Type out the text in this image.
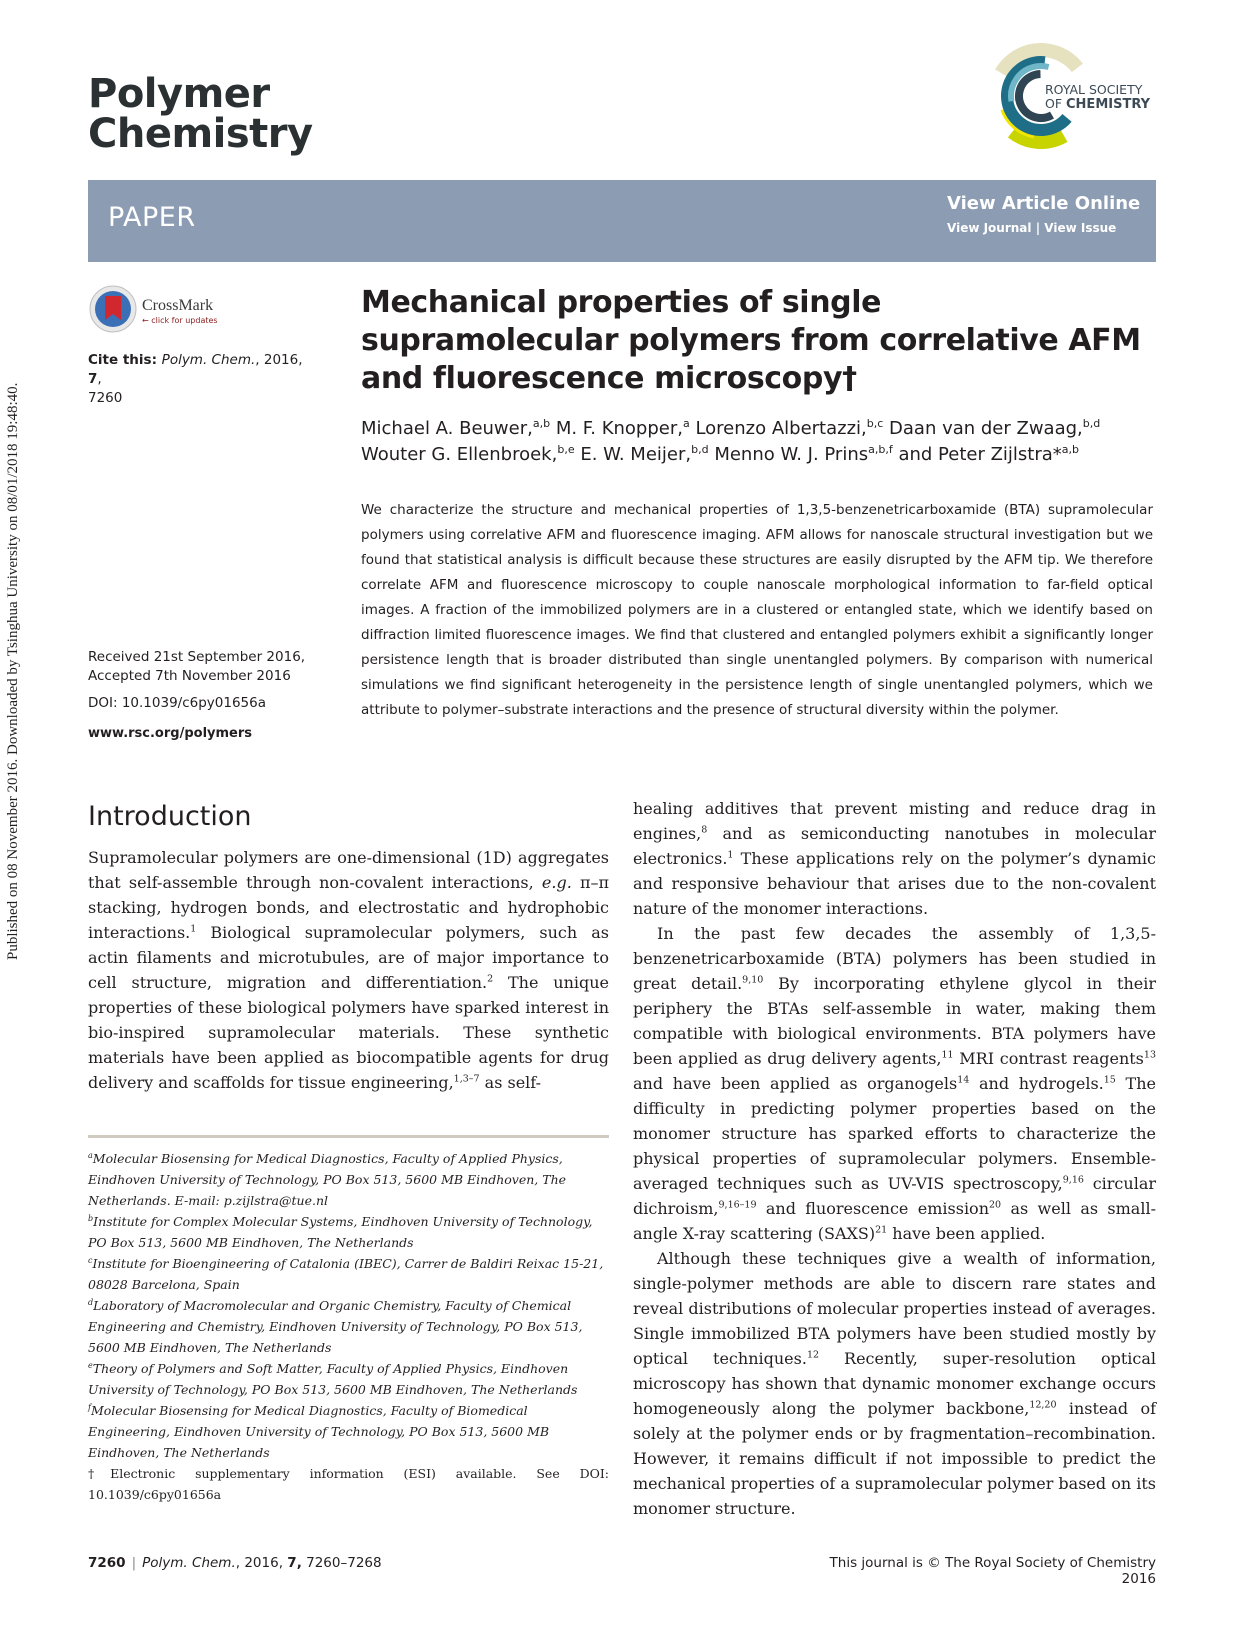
Published on 08 November 2016. Downloaded by Tsinghua University on 08/01/2018 19:48:40.
Polymer
Chemistry
ROYAL SOCIETY
OF CHEMISTRY
PAPER	View Article Online
View Journal | View Issue
CrossMark
← click for updates
Cite this: Polym. Chem., 2016, 7,
7260
Received 21st September 2016,
Accepted 7th November 2016
DOI: 10.1039/c6py01656a
www.rsc.org/polymers
Mechanical properties of single supramolecular polymers from correlative AFM and fluorescence microscopy†
Michael A. Beuwer,$^{a,b}$ M. F. Knopper,$^a$ Lorenzo Albertazzi,$^{b,c}$ Daan van der Zwaag,$^{b,d}$
Wouter G. Ellenbroek,$^{b,e}$ E. W. Meijer,$^{b,d}$ Menno W. J. Prins$^{a,b,f}$ and Peter Zijlstra*$^{a,b}$
We characterize the structure and mechanical properties of 1,3,5-benzenetricarboxamide (BTA) supramolecular polymers using correlative AFM and fluorescence imaging. AFM allows for nanoscale structural investigation but we found that statistical analysis is difficult because these structures are easily disrupted by the AFM tip. We therefore correlate AFM and fluorescence microscopy to couple nanoscale morphological information to far-field optical images. A fraction of the immobilized polymers are in a clustered or entangled state, which we identify based on diffraction limited fluorescence images. We find that clustered and entangled polymers exhibit a significantly longer persistence length that is broader distributed than single unentangled polymers. By comparison with numerical simulations we find significant heterogeneity in the persistence length of single unentangled polymers, which we attribute to polymer–substrate interactions and the presence of structural diversity within the polymer.
Introduction

Supramolecular polymers are one-dimensional (1D) aggregates that self-assemble through non-covalent interactions, e.g. π–π stacking, hydrogen bonds, and electrostatic and hydrophobic interactions.$^1$ Biological supramolecular polymers, such as actin filaments and microtubules, are of major importance to cell structure, migration and differentiation.$^2$ The unique properties of these biological polymers have sparked interest in bio-inspired supramolecular materials. These synthetic materials have been applied as biocompatible agents for drug delivery and scaffolds for tissue engineering,$^{1,3-7}$ as self-

$^a$Molecular Biosensing for Medical Diagnostics, Faculty of Applied Physics, Eindhoven University of Technology, PO Box 513, 5600 MB Eindhoven, The Netherlands. E-mail: p.zijlstra@tue.nl

$^b$Institute for Complex Molecular Systems, Eindhoven University of Technology, PO Box 513, 5600 MB Eindhoven, The Netherlands

$^c$Institute for Bioengineering of Catalonia (IBEC), Carrer de Baldiri Reixac 15-21, 08028 Barcelona, Spain

$^d$Laboratory of Macromolecular and Organic Chemistry, Faculty of Chemical Engineering and Chemistry, Eindhoven University of Technology, PO Box 513, 5600 MB Eindhoven, The Netherlands

$^e$Theory of Polymers and Soft Matter, Faculty of Applied Physics, Eindhoven University of Technology, PO Box 513, 5600 MB Eindhoven, The Netherlands

$^f$Molecular Biosensing for Medical Diagnostics, Faculty of Biomedical Engineering, Eindhoven University of Technology, PO Box 513, 5600 MB Eindhoven, The Netherlands

†Electronic supplementary information (ESI) available. See DOI: 10.1039/c6py01656a

healing additives that prevent misting and reduce drag in engines,$^8$ and as semiconducting nanotubes in molecular electronics.$^1$ These applications rely on the polymer’s dynamic and responsive behaviour that arises due to the non-covalent nature of the monomer interactions.

In the past few decades the assembly of 1,3,5-benzenetricarboxamide (BTA) polymers has been studied in great detail.$^{9,10}$ By incorporating ethylene glycol in their periphery the BTAs self-assemble in water, making them compatible with biological environments. BTA polymers have been applied as drug delivery agents,$^{11}$ MRI contrast reagents$^{13}$ and have been applied as organogels$^{14}$ and hydrogels.$^{15}$ The difficulty in predicting polymer properties based on the monomer structure has sparked efforts to characterize the physical properties of supramolecular polymers. Ensemble-averaged techniques such as UV-VIS spectroscopy,$^{9,16}$ circular dichroism,$^{9,16-19}$ and fluorescence emission$^{20}$ as well as small-angle X-ray scattering (SAXS)$^{21}$ have been applied.

Although these techniques give a wealth of information, single-polymer methods are able to discern rare states and reveal distributions of molecular properties instead of averages. Single immobilized BTA polymers have been studied mostly by optical techniques.$^{12}$ Recently, super-resolution optical microscopy has shown that dynamic monomer exchange occurs homogeneously along the polymer backbone,$^{12,20}$ instead of solely at the polymer ends or by fragmentation–recombination. However, it remains difficult if not impossible to predict the mechanical properties of a supramolecular polymer based on its monomer structure.

7260 | Polym. Chem., 2016, 7, 7260–7268	This journal is © The Royal Society of Chemistry 2016
